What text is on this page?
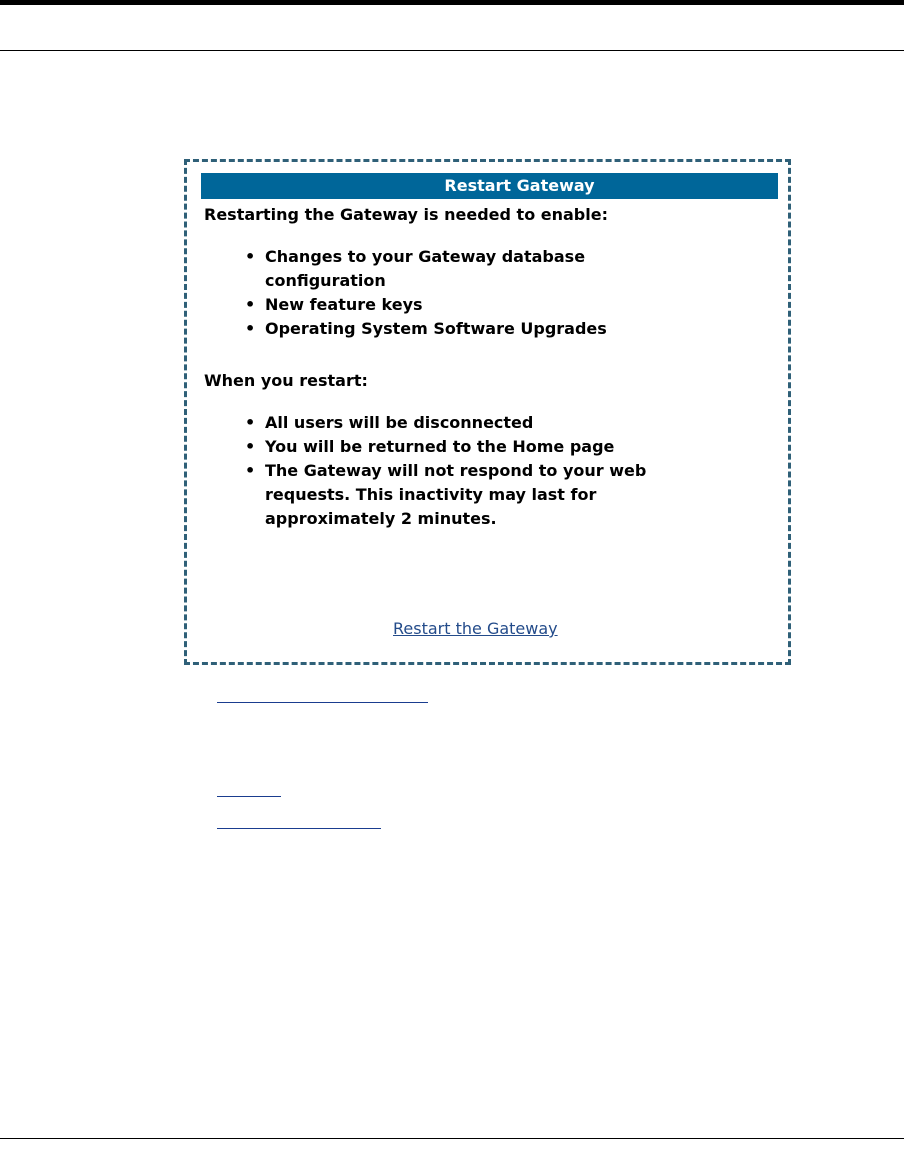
Restart Gateway
Restarting the Gateway is needed to enable:
• Changes to your Gateway database configuration
• New feature keys
• Operating System Software Upgrades
When you restart:
• All users will be disconnected
• You will be returned to the Home page
• The Gateway will not respond to your web requests. This inactivity may last for approximately 2 minutes.
Restart the Gateway
